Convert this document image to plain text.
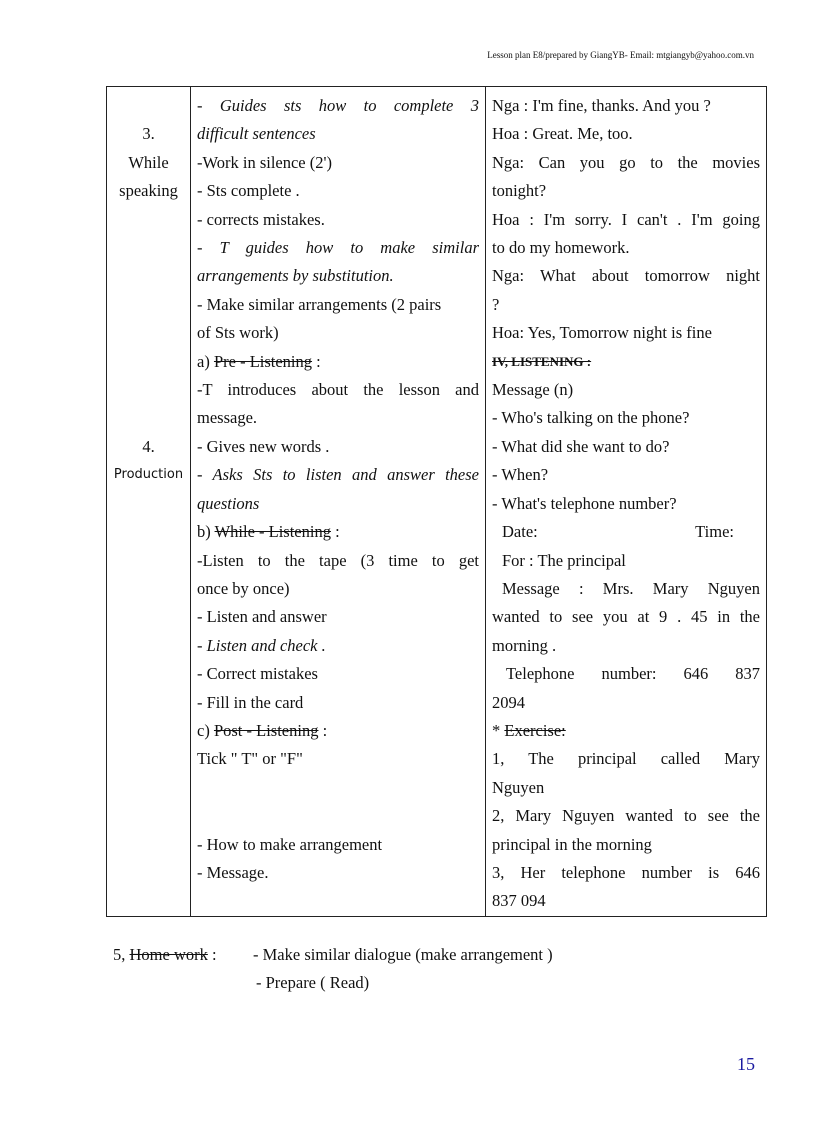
Lesson plan E8/prepared by GiangYB- Email: mtgiangyb@yahoo.com.vn
3.
While
speaking
4.
Production

- Guides sts how to complete 3
difficult sentences
-Work in silence (2')
- Sts complete .
- corrects mistakes.
- T guides how to make similar
arrangements by substitution.
- Make similar arrangements (2 pairs
of Sts work)
a) Pre - Listening :
-T introduces about the lesson and
message.
- Gives new words .
- Asks Sts to listen and answer these
questions
b) While - Listening :
-Listen to the tape (3 time to get
once by once)
- Listen and answer
- Listen and check .
- Correct mistakes
- Fill in the card
c) Post - Listening :
Tick " T" or "F"
- How to make arrangement
- Message.

Nga : I'm fine, thanks. And you ?
Hoa : Great. Me, too.
Nga: Can you go to the movies
tonight?
Hoa : I'm sorry. I can't . I'm going
to do my homework.
Nga: What about tomorrow night
?
Hoa: Yes, Tomorrow night is fine
IV, LISTENING :
Message (n)
- Who's talking on the phone?
- What did she want to do?
- When?
- What's telephone number?
Date:	Time:
For : The principal
Message : Mrs. Mary Nguyen
wanted to see you at 9 . 45 in the
morning .
Telephone number: 646 837
2094
* Exercise:
1, The principal called Mary
Nguyen
2, Mary Nguyen wanted to see the
principal in the morning
3, Her telephone number is 646
837 094
5, Home work :	- Make similar dialogue (make arrangement )
- Prepare ( Read)
15
